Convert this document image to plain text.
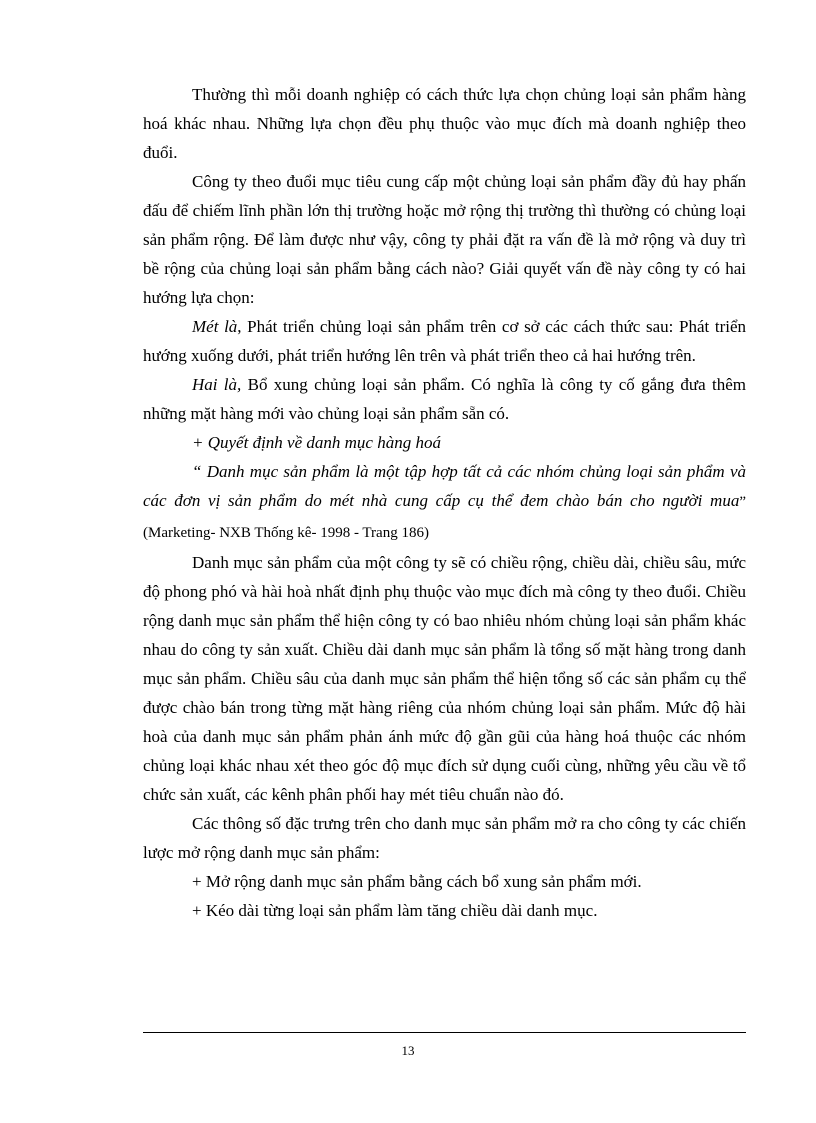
Thường thì mỗi doanh nghiệp có cách thức lựa chọn chủng loại sản phẩm hàng hoá khác nhau. Những lựa chọn đều phụ thuộc vào mục đích mà doanh nghiệp theo đuổi.

Công ty theo đuổi mục tiêu cung cấp một chủng loại sản phẩm đầy đủ hay phấn đấu để chiếm lĩnh phần lớn thị trường hoặc mở rộng thị trường thì thường có chủng loại sản phẩm rộng. Để làm được như vậy, công ty phải đặt ra vấn đề là mở rộng và duy trì bề rộng của chủng loại sản phẩm bằng cách nào? Giải quyết vấn đề này công ty có hai hướng lựa chọn:

Mét là, Phát triển chủng loại sản phẩm trên cơ sở các cách thức sau: Phát triển hướng xuống dưới, phát triển hướng lên trên và phát triển theo cả hai hướng trên.

Hai là, Bổ xung chủng loại sản phẩm. Có nghĩa là công ty cố gắng đưa thêm những mặt hàng mới vào chủng loại sản phẩm sẵn có.

+ Quyết định về danh mục hàng hoá

“ Danh mục sản phẩm là một tập hợp tất cả các nhóm chủng loại sản phẩm và các đơn vị sản phẩm do mét nhà cung cấp cụ thể đem chào bán cho người mua” (Marketing- NXB Thống kê- 1998 - Trang 186)

Danh mục sản phẩm của một công ty sẽ có chiều rộng, chiều dài, chiều sâu, mức độ phong phó và hài hoà nhất định phụ thuộc vào mục đích mà công ty theo đuổi. Chiều rộng danh mục sản phẩm thể hiện công ty có bao nhiêu nhóm chủng loại sản phẩm khác nhau do công ty sản xuất. Chiều dài danh mục sản phẩm là tổng số mặt hàng trong danh mục sản phẩm. Chiều sâu của danh mục sản phẩm thể hiện tổng số các sản phẩm cụ thể được chào bán trong từng mặt hàng riêng của nhóm chủng loại sản phẩm. Mức độ hài hoà của danh mục sản phẩm phản ánh mức độ gần gũi của hàng hoá thuộc các nhóm chủng loại khác nhau xét theo góc độ mục đích sử dụng cuối cùng, những yêu cầu về tổ chức sản xuất, các kênh phân phối hay mét tiêu chuẩn nào đó.

Các thông số đặc trưng trên cho danh mục sản phẩm mở ra cho công ty các chiến lược mở rộng danh mục sản phẩm:

+ Mở rộng danh mục sản phẩm bằng cách bổ xung sản phẩm mới.

+ Kéo dài từng loại sản phẩm làm tăng chiều dài danh mục.

13
